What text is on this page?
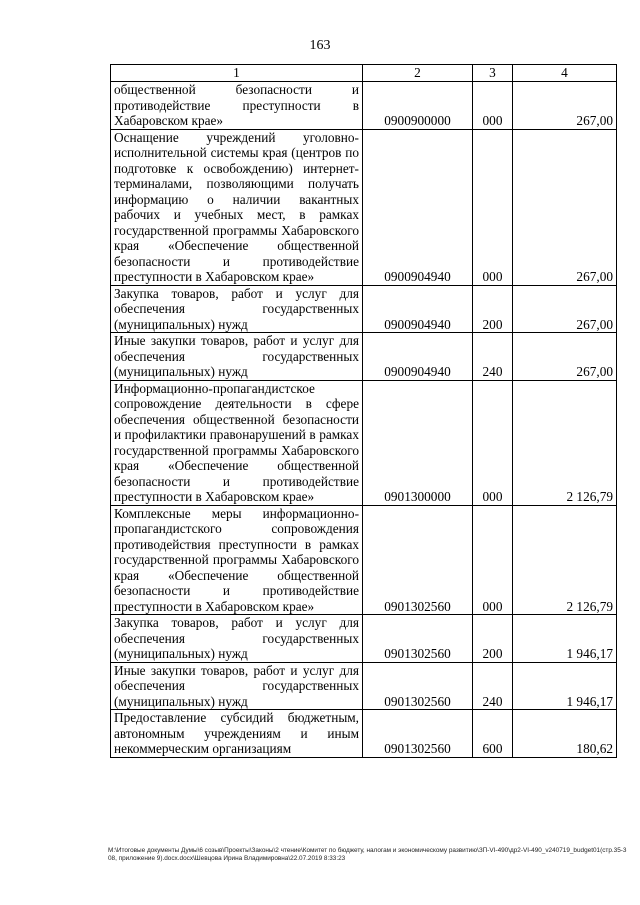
163
1	2	3	4
общественной безопасности и противодействие преступности в Хабаровском крае»	0900900000	000	267,00
Оснащение учреждений уголовно-исполнительной системы края (центров по подготовке к освобождению) интернет-терминалами, позволяющими получать информацию о наличии вакантных рабочих и учебных мест, в рамках государственной программы Хабаровского края «Обеспечение общественной безопасности и противодействие преступности в Хабаровском крае»	0900904940	000	267,00
Закупка товаров, работ и услуг для обеспечения государственных (муниципальных) нужд	0900904940	200	267,00
Иные закупки товаров, работ и услуг для обеспечения государственных (муниципальных) нужд	0900904940	240	267,00
Информационно-пропагандистское сопровождение деятельности в сфере обеспечения общественной безопасности и профилактики правонарушений в рамках государственной программы Хабаровского края «Обеспечение общественной безопасности и противодействие преступности в Хабаровском крае»	0901300000	000	2 126,79
Комплексные меры информационно-пропагандистского сопровождения противодействия преступности в рамках государственной программы Хабаровского края «Обеспечение общественной безопасности и противодействие преступности в Хабаровском крае»	0901302560	000	2 126,79
Закупка товаров, работ и услуг для обеспечения государственных (муниципальных) нужд	0901302560	200	1 946,17
Иные закупки товаров, работ и услуг для обеспечения государственных (муниципальных) нужд	0901302560	240	1 946,17
Предоставление субсидий бюджетным, автономным учреждениям и иным некоммерческим организациям	0901302560	600	180,62
М:\Итоговые документы Думы\6 созыв\Проекты\Законы\2 чтение\Комитет по бюджету, налогам и экономическому развитию\ЗП-VI-490\др2-VI-490_v240719_budget01(стр.35-308, приложение 9).docx.docx\Шевцова Ирина Владимировна\22.07.2019 8:33:23
